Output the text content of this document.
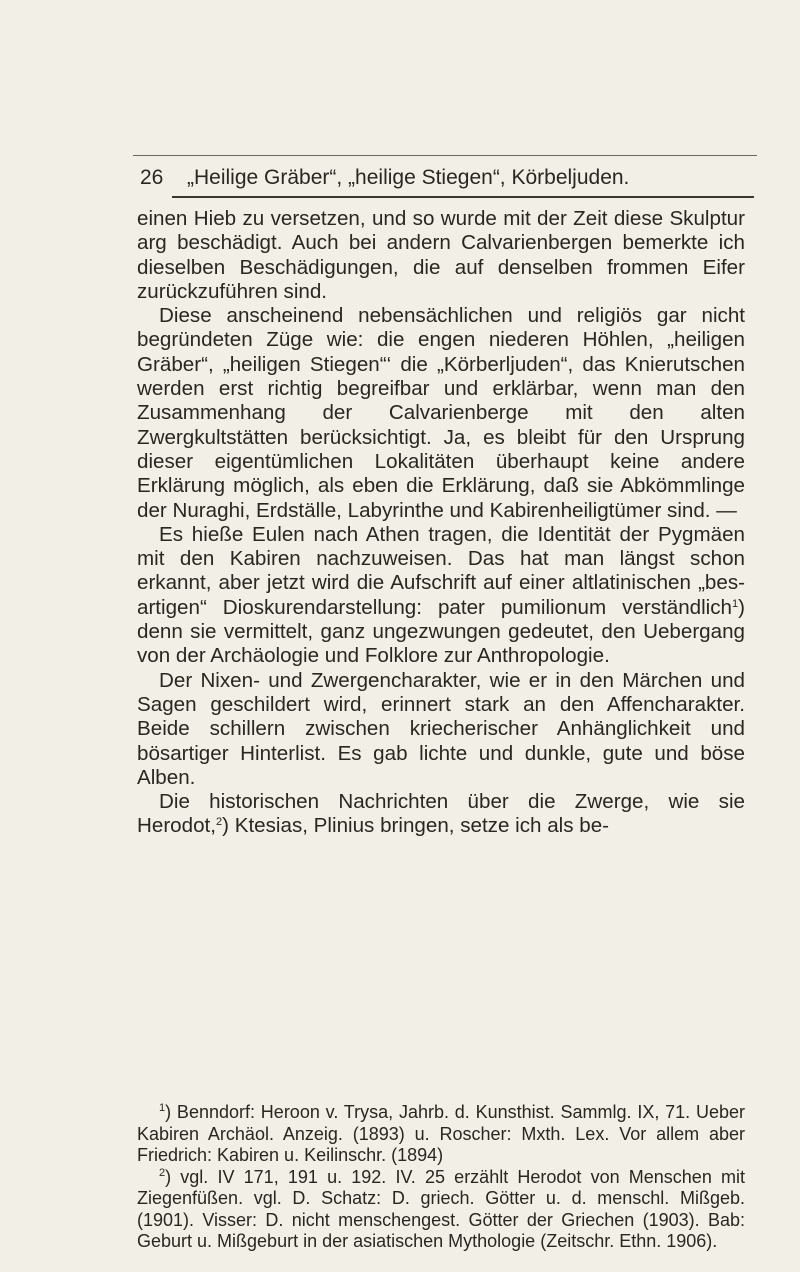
26 „Heilige Gräber“, „heilige Stiegen“, Körbeljuden.

einen Hieb zu versetzen, und so wurde mit der Zeit diese Skulptur arg beschädigt. Auch bei andern Calvarienbergen bemerkte ich dieselben Beschädigungen, die auf denselben frommen Eifer zurückzuführen sind.

Diese anscheinend nebensächlichen und religiös gar nicht begründeten Züge wie: die engen niederen Höhlen, „heiligen Gräber“, „heiligen Stiegen“‘ die „Körberljuden“, das Knierutschen werden erst richtig begreifbar und erklärbar, wenn man den Zusammenhang der Calvarienberge mit den alten Zwergkultstätten berücksichtigt. Ja, es bleibt für den Ursprung dieser eigentümlichen Lokalitäten überhaupt keine andere Erklärung möglich, als eben die Erklärung, daß sie Abkömmlinge der Nuraghi, Erdställe, Labyrinthe und Kabirenheiligtümer sind. —

Es hieße Eulen nach Athen tragen, die Identität der Pygmäen mit den Kabiren nachzuweisen. Das hat man längst schon erkannt, aber jetzt wird die Aufschrift auf einer altlatinischen „bes-artigen“ Dioskurendarstellung: pater pumilionum verständlich$^1$) denn sie vermittelt, ganz ungezwungen gedeutet, den Uebergang von der Archäologie und Folklore zur Anthropologie.

Der Nixen- und Zwergencharakter, wie er in den Märchen und Sagen geschildert wird, erinnert stark an den Affencharakter. Beide schillern zwischen kriecherischer Anhänglichkeit und bösartiger Hinterlist. Es gab lichte und dunkle, gute und böse Alben.

Die historischen Nachrichten über die Zwerge, wie sie Herodot,$^2$) Ktesias, Plinius bringen, setze ich als be-

$^1$) Benndorf: Heroon v. Trysa, Jahrb. d. Kunsthist. Sammlg. IX, 71. Ueber Kabiren Archäol. Anzeig. (1893) u. Roscher: Mxth. Lex. Vor allem aber Friedrich: Kabiren u. Keilinschr. (1894)

$^2$) vgl. IV 171, 191 u. 192. IV. 25 erzählt Herodot von Menschen mit Ziegenfüßen. vgl. D. Schatz: D. griech. Götter u. d. menschl. Mißgeb. (1901). Visser: D. nicht menschengest. Götter der Griechen (1903). Bab: Geburt u. Mißgeburt in der asiatischen Mythologie (Zeitschr. Ethn. 1906).
